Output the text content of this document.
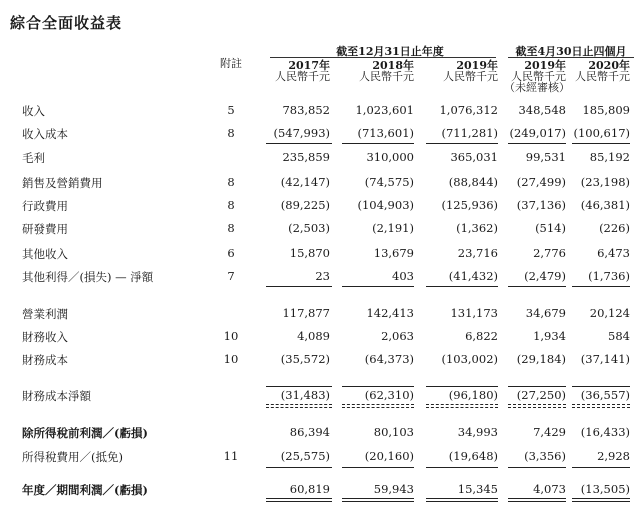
綜合全面收益表
附註
截至12月31日止年度	截至4月30日止四個月
2017年
人民幣千元
2018年
人民幣千元
2019年
人民幣千元
2019年
人民幣千元
（未經審核）
2020年
人民幣千元
收入	5	783,852	1,023,601	1,076,312	348,548	185,809
收入成本	8	(547,993)	(713,601)	(711,281) (249,017) (100,617)
毛利	235,859	310,000	365,031	99,531	85,192
銷售及營銷費用	8	(42,147)	(74,575)	(88,844)	(27,499)	(23,198)
行政費用	8	(89,225)	(104,903)	(125,936)	(37,136)	(46,381)
研發費用	8	(2,503)	(2,191)	(1,362)	(514)	(226)
其他收入	6	15,870	13,679	23,716	2,776	6,473
其他利得／(損失) — 淨額	7	23	403	(41,432)	(2,479)	(1,736)
營業利潤	117,877	142,413	131,173	34,679	20,124
財務收入	10	4,089	2,063	6,822	1,934	584
財務成本	10	(35,572)	(64,373)	(103,002)	(29,184)	(37,141)
財務成本淨額	(31,483)	(62,310)	(96,180)	(27,250)	(36,557)
除所得稅前利潤／(虧損)	86,394	80,103	34,993	7,429	(16,433)
所得稅費用／(抵免)	11	(25,575)	(20,160)	(19,648)	(3,356)	2,928
年度／期間利潤／(虧損)	60,819	59,943	15,345	4,073	(13,505)
